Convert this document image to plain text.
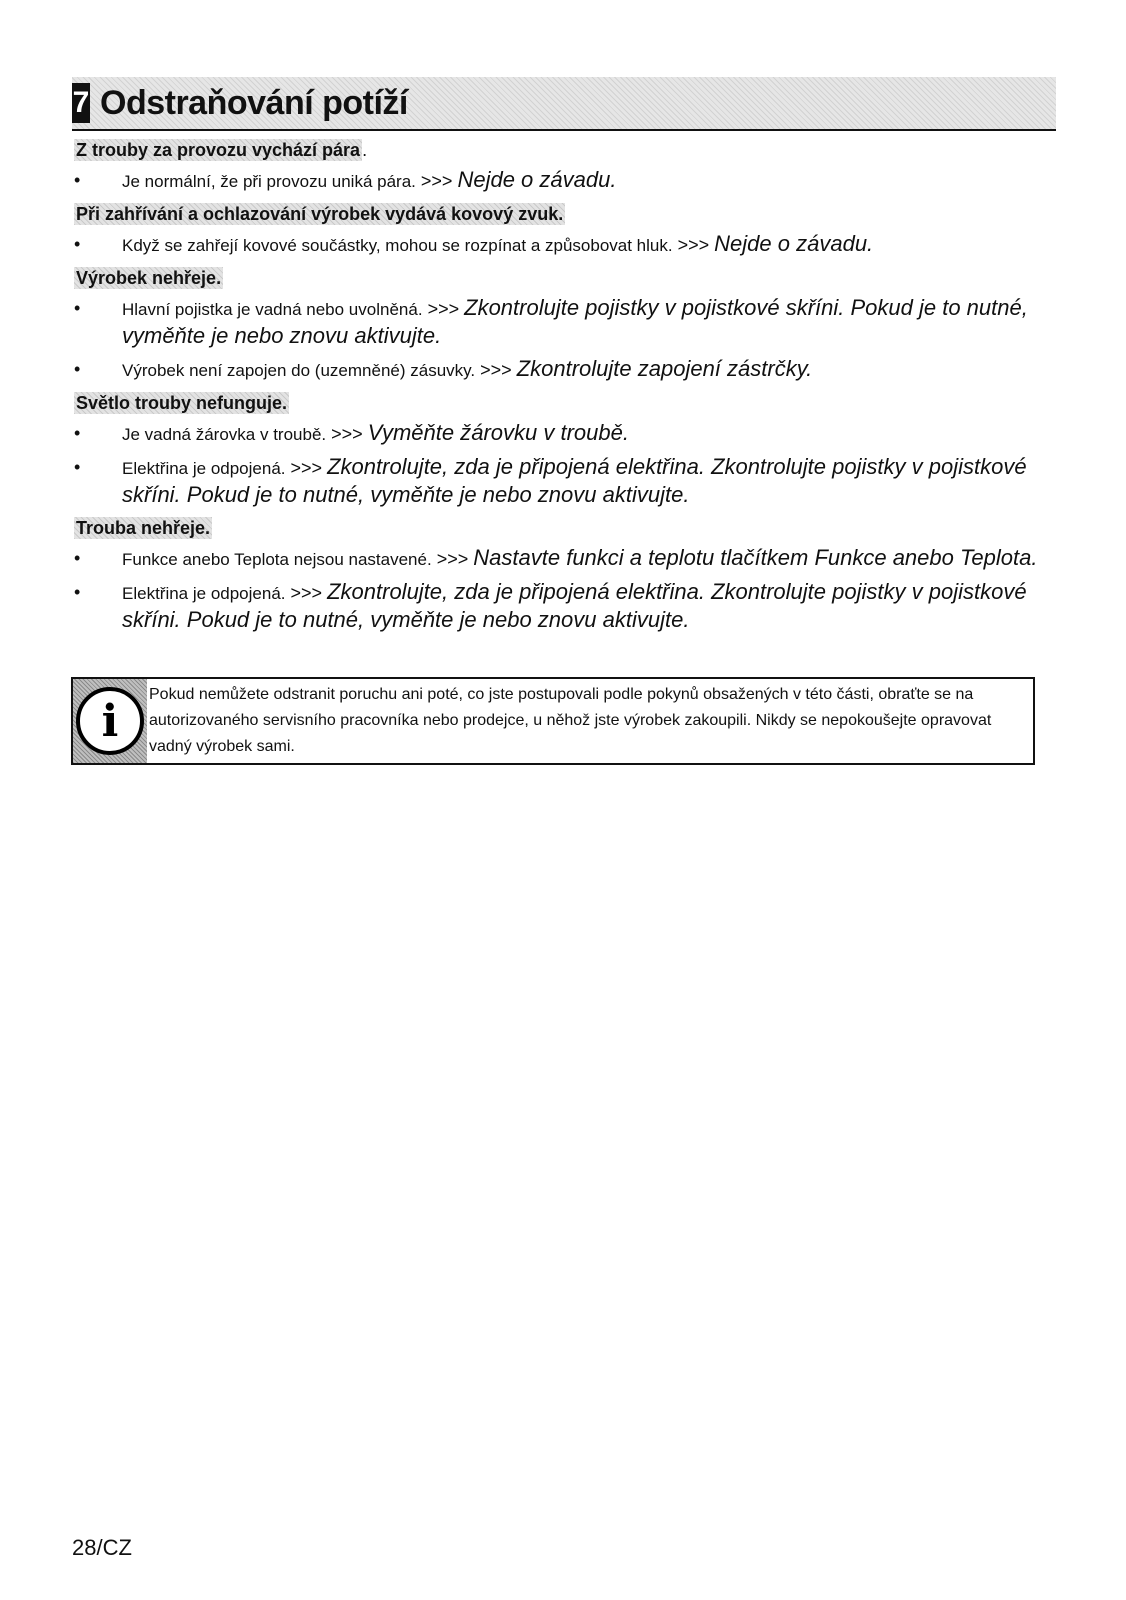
7 Odstraňování potíží
Z trouby za provozu vychází pára .
• Je normální, že při provozu uniká pára. >>> Nejde o závadu.
Při zahřívání a ochlazování výrobek vydává kovový zvuk.
• Když se zahřejí kovové součástky, mohou se rozpínat a způsobovat hluk. >>> Nejde o závadu.
Výrobek nehřeje.
• Hlavní pojistka je vadná nebo uvolněná. >>> Zkontrolujte pojistky v pojistkové skříni. Pokud je to nutné, vyměňte je nebo znovu aktivujte.
• Výrobek není zapojen do (uzemněné) zásuvky. >>> Zkontrolujte zapojení zástrčky.
Světlo trouby nefunguje.
• Je vadná žárovka v troubě. >>> Vyměňte žárovku v troubě.
• Elektřina je odpojená. >>> Zkontrolujte, zda je připojená elektřina. Zkontrolujte pojistky v pojistkové skříni. Pokud je to nutné, vyměňte je nebo znovu aktivujte.
Trouba nehřeje.
• Funkce anebo Teplota nejsou nastavené. >>> Nastavte funkci a teplotu tlačítkem Funkce anebo Teplota.
• Elektřina je odpojená. >>> Zkontrolujte, zda je připojená elektřina. Zkontrolujte pojistky v pojistkové skříni. Pokud je to nutné, vyměňte je nebo znovu aktivujte.
i
Pokud nemůžete odstranit poruchu ani poté, co jste postupovali podle pokynů obsažených v této části, obraťte se na autorizovaného servisního pracovníka nebo prodejce, u něhož jste výrobek zakoupili. Nikdy se nepokoušejte opravovat vadný výrobek sami.
28/CZ
